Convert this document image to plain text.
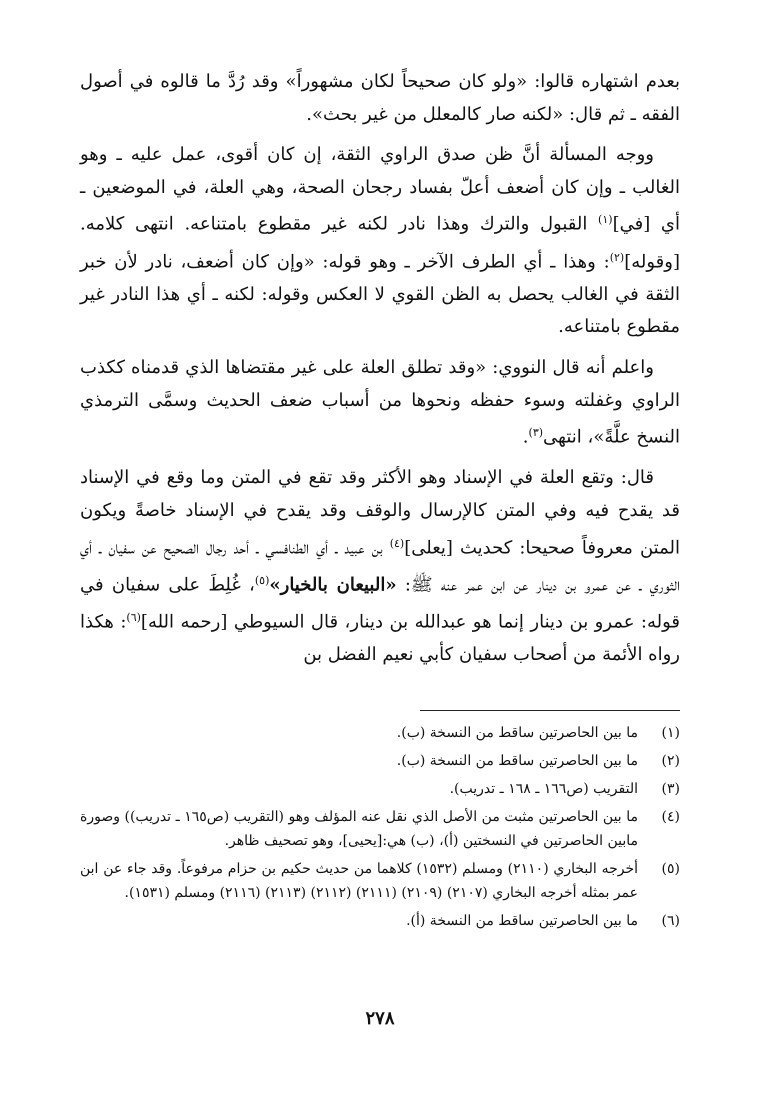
بعدم اشتهاره قالوا: «ولو كان صحيحاً لكان مشهوراً» وقد رُدَّ ما قالوه في أصول الفقه ـ ثم قال: «لكنه صار كالمعلل من غير بحث».

ووجه المسألة أنَّ ظن صدق الراوي الثقة، إن كان أقوى، عمل عليه ـ وهو الغالب ـ وإن كان أضعف أعلّ بفساد رجحان الصحة، وهي العلة، في الموضعين ـ أي [في]$^{(١)}$ القبول والترك وهذا نادر لكنه غير مقطوع بامتناعه. انتهى كلامه. [وقوله]$^{(٢)}$: وهذا ـ أي الطرف الآخر ـ وهو قوله: «وإن كان أضعف، نادر لأن خبر الثقة في الغالب يحصل به الظن القوي لا العكس وقوله: لكنه ـ أي هذا النادر غير مقطوع بامتناعه.

واعلم أنه قال النووي: «وقد تطلق العلة على غير مقتضاها الذي قدمناه ككذب الراوي وغفلته وسوء حفظه ونحوها من أسباب ضعف الحديث وسمَّى الترمذي النسخ علَّةً»، انتهى$^{(٣)}$.

قال: وتقع العلة في الإسناد وهو الأكثر وقد تقع في المتن وما وقع في الإسناد قد يقدح فيه وفي المتن كالإرسال والوقف وقد يقدح في الإسناد خاصةً ويكون المتن معروفاً صحيحا: كحديث [يعلى]$^{(٤)}$ بن عبيد ـ أي الطنافسي ـ أحد رجال الصحيح عن سفيان ـ أي الثوري ـ عن عمرو بن دينار عن ابن عمر عنه ﷺ: «البيعان بالخيار»$^{(٥)}$، غُلِطَ على سفيان في قوله: عمرو بن دينار إنما هو عبدالله بن دينار، قال السيوطي [رحمه الله]$^{(٦)}$: هكذا رواه الأئمة من أصحاب سفيان كأبي نعيم الفضل بن

(١)
ما بين الحاصرتين ساقط من النسخة (ب).
(٢)
ما بين الحاصرتين ساقط من النسخة (ب).
(٣)
التقريب (ص١٦٦ ـ ١٦٨ ـ تدريب).
(٤)
ما بين الحاصرتين مثبت من الأصل الذي نقل عنه المؤلف وهو (التقريب (ص١٦٥ ـ تدريب)) وصورة مابين الحاصرتين في النسختين (أ)، (ب) هي:[يحيى]، وهو تصحيف ظاهر.
(٥)
أخرجه البخاري (٢١١٠) ومسلم (١٥٣٢) كلاهما من حديث حكيم بن حزام مرفوعاً. وقد جاء عن ابن عمر بمثله أخرجه البخاري (٢١٠٧) (٢١٠٩) (٢١١١) (٢١١٢) (٢١١٣) (٢١١٦) ومسلم (١٥٣١).
(٦)
ما بين الحاصرتين ساقط من النسخة (أ).
٢٧٨
